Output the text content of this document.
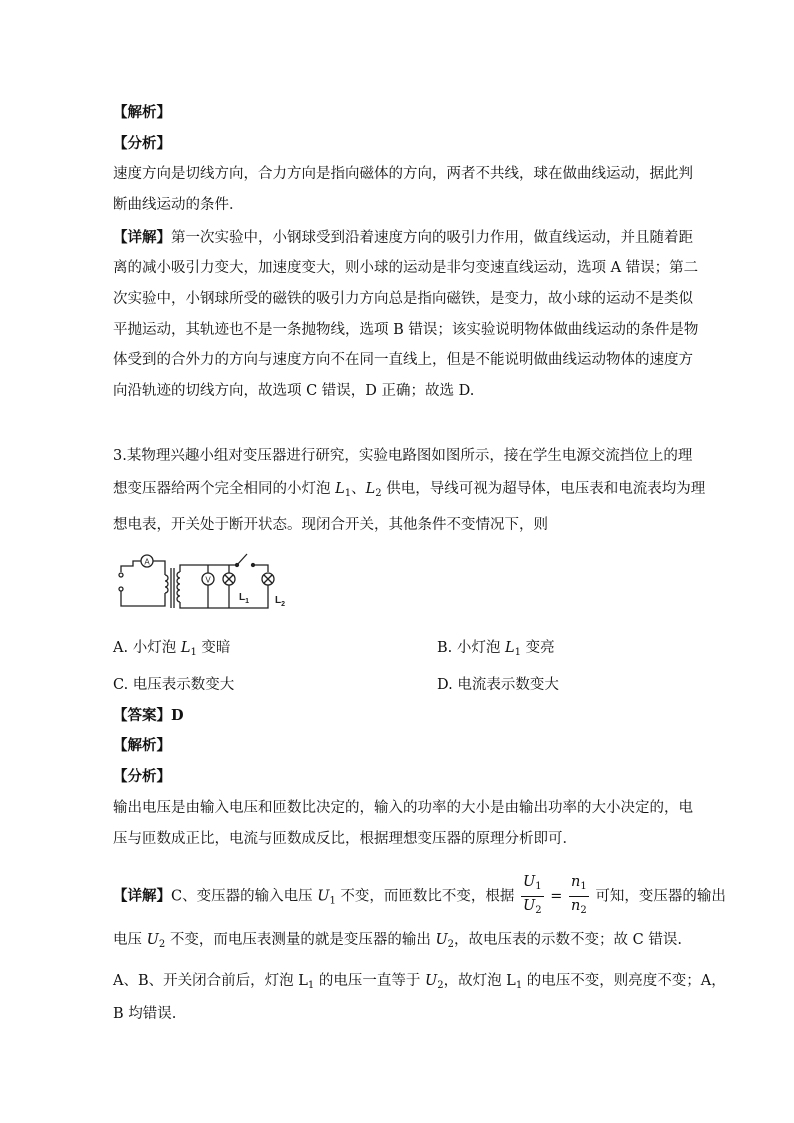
【解析】
【分析】
速度方向是切线方向，合力方向是指向磁体的方向，两者不共线，球在做曲线运动，据此判
断曲线运动的条件．
【详解】第一次实验中，小钢球受到沿着速度方向的吸引力作用，做直线运动，并且随着距
离的减小吸引力变大，加速度变大，则小球的运动是非匀变速直线运动，选项 A 错误；第二
次实验中，小钢球所受的磁铁的吸引力方向总是指向磁铁，是变力，故小球的运动不是类似
平抛运动，其轨迹也不是一条抛物线，选项 B 错误；该实验说明物体做曲线运动的条件是物
体受到的合外力的方向与速度方向不在同一直线上，但是不能说明做曲线运动物体的速度方
向沿轨迹的切线方向，故选项 C 错误，D 正确；故选 D.
3.某物理兴趣小组对变压器进行研究，实验电路图如图所示，接在学生电源交流挡位上的理
想变压器给两个完全相同的小灯泡 $L_1$、$L_2$ 供电，导线可视为超导体，电压表和电流表均为理
想电表，开关处于断开状态。现闭合开关，其他条件不变情况下，则
A
V
$L_1$	$L_2$
A. 小灯泡 $L_1$ 变暗	B. 小灯泡 $L_1$ 变亮
C. 电压表示数变大	D. 电流表示数变大
【答案】D
【解析】
【分析】
输出电压是由输入电压和匝数比决定的，输入的功率的大小是由输出功率的大小决定的，电
压与匝数成正比，电流与匝数成反比，根据理想变压器的原理分析即可．
【详解】C、变压器的输入电压 $U_1$ 不变，而匝数比不变，根据 $\frac{U_1}{U_2} = \frac{n_1}{n_2}$ 可知，变压器的输出
电压 $U_2$ 不变，而电压表测量的就是变压器的输出 $U_2$，故电压表的示数不变；故 C 错误.
A、B、开关闭合前后，灯泡 $L_1$ 的电压一直等于 $U_2$，故灯泡 $L_1$ 的电压不变，则亮度不变；A，
B 均错误.
